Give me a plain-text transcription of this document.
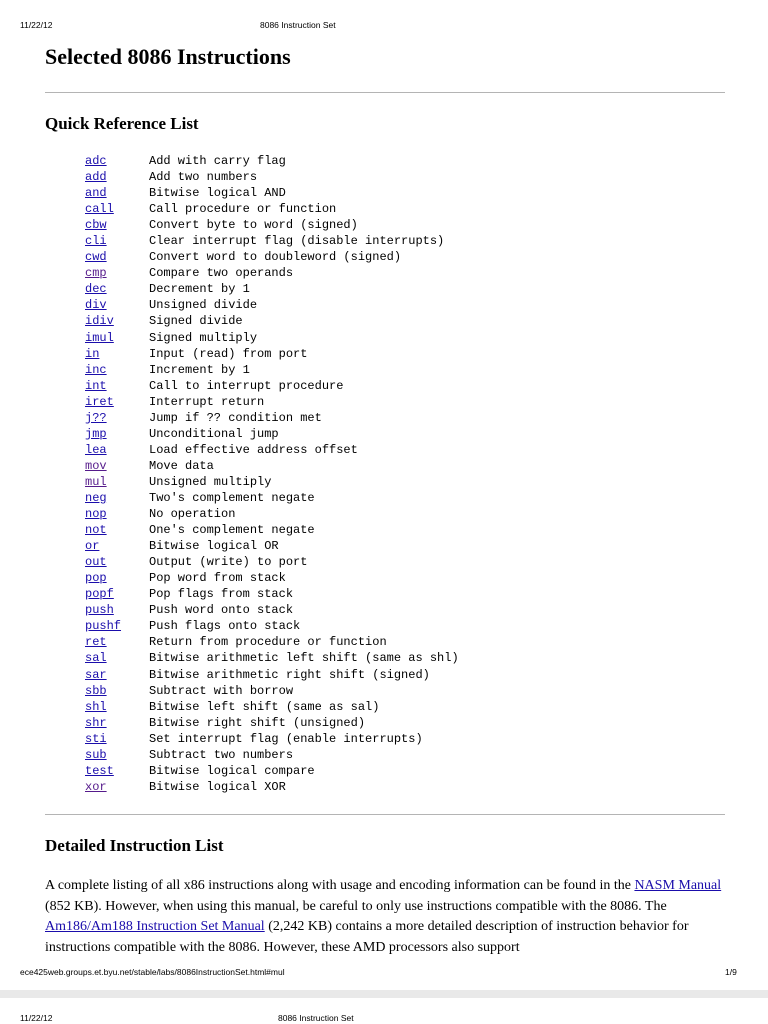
11/22/12	8086 Instruction Set
Selected 8086 Instructions
Quick Reference List
adc	Add with carry flag
add	Add two numbers
and	Bitwise logical AND
call	Call procedure or function
cbw	Convert byte to word (signed)
cli	Clear interrupt flag (disable interrupts)
cwd	Convert word to doubleword (signed)
cmp	Compare two operands
dec	Decrement by 1
div	Unsigned divide
idiv	Signed divide
imul	Signed multiply
in	Input (read) from port
inc	Increment by 1
int	Call to interrupt procedure
iret	Interrupt return
j??	Jump if ?? condition met
jmp	Unconditional jump
lea	Load effective address offset
mov	Move data
mul	Unsigned multiply
neg	Two's complement negate
nop	No operation
not	One's complement negate
or	Bitwise logical OR
out	Output (write) to port
pop	Pop word from stack
popf	Pop flags from stack
push	Push word onto stack
pushf Push flags onto stack
ret	Return from procedure or function
sal	Bitwise arithmetic left shift (same as shl)
sar	Bitwise arithmetic right shift (signed)
sbb	Subtract with borrow
shl	Bitwise left shift (same as sal)
shr	Bitwise right shift (unsigned)
sti	Set interrupt flag (enable interrupts)
sub	Subtract two numbers
test	Bitwise logical compare
xor	Bitwise logical XOR
Detailed Instruction List

A complete listing of all x86 instructions along with usage and encoding information can be found in the NASM Manual (852 KB). However, when using this manual, be careful to only use instructions compatible with the 8086. The Am186/Am188 Instruction Set Manual (2,242 KB) contains a more detailed description of instruction behavior for instructions compatible with the 8086. However, these AMD processors also support

ece425web.groups.et.byu.net/stable/labs/8086InstructionSet.html#mul	1/9
11/22/12	8086 Instruction Set
